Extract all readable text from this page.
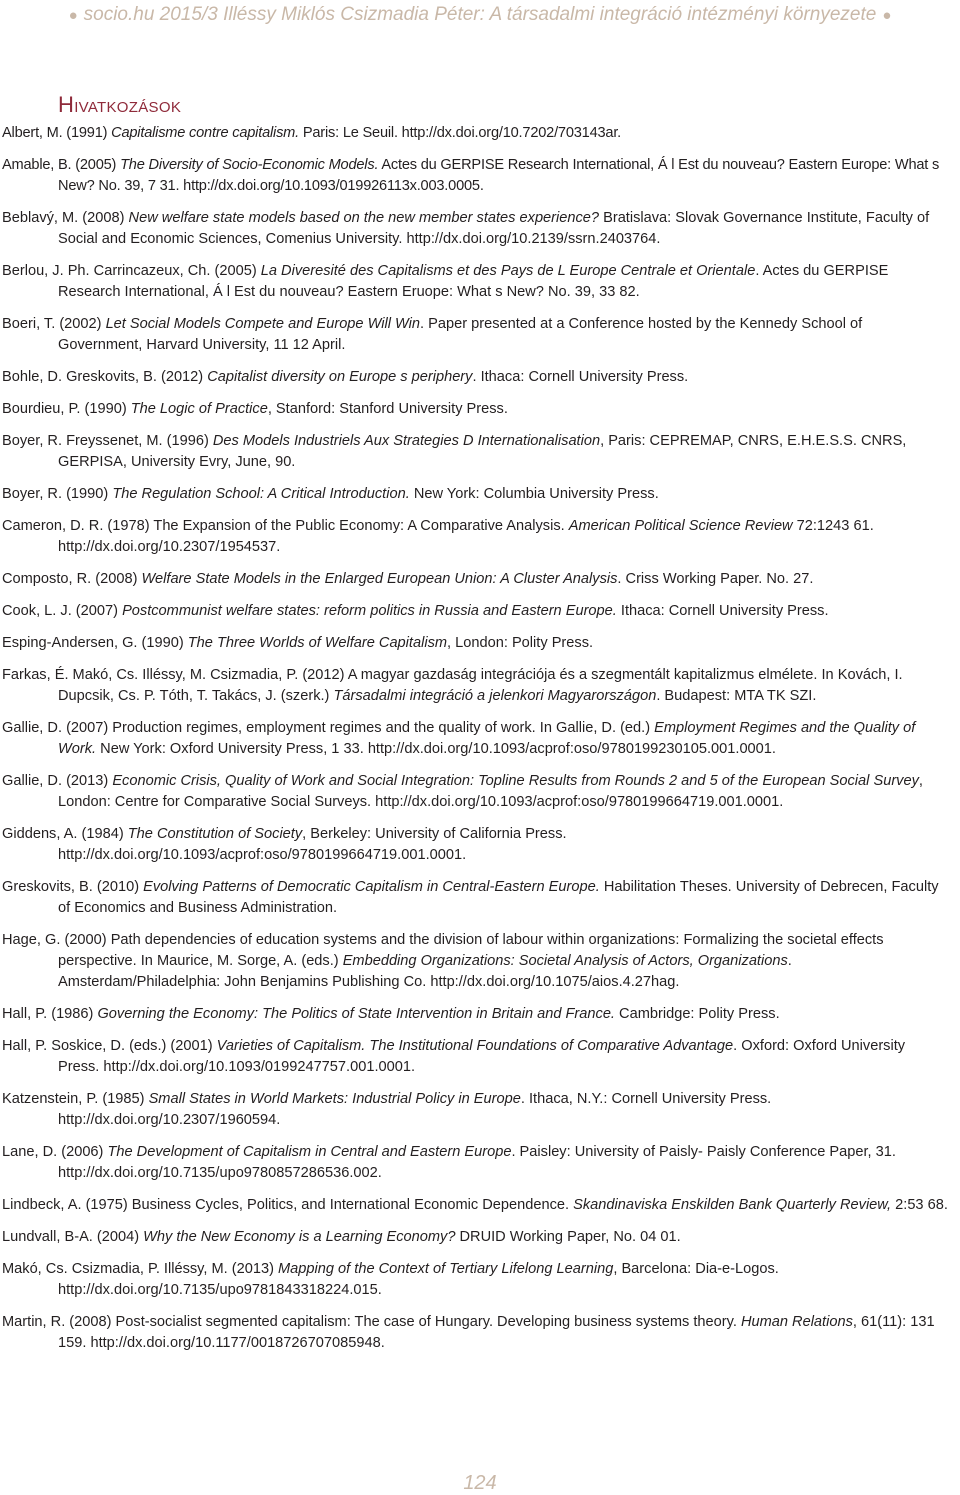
● socio.hu 2015/3 Illéssy Miklós Csizmadia Péter: A társadalmi integráció intézményi környezete ●
Hivatkozások
Albert, M. (1991) Capitalisme contre capitalism. Paris: Le Seuil. http://dx.doi.org/10.7202/703143ar.
Amable, B. (2005) The Diversity of Socio-Economic Models. Actes du GERPISE Research International, Á l Est du nouveau? Eastern Europe: What s New? No. 39, 7 31. http://dx.doi.org/10.1093/019926113x.003.0005.
Beblavý, M. (2008) New welfare state models based on the new member states experience? Bratislava: Slovak Governance Institute, Faculty of Social and Economic Sciences, Comenius University. http://dx.doi.org/10.2139/ssrn.2403764.
Berlou, J. Ph. Carrincazeux, Ch. (2005) La Diveresité des Capitalisms et des Pays de L Europe Centrale et Orientale. Actes du GERPISE Research International, Á l Est du nouveau? Eastern Eruope: What s New? No. 39, 33 82.
Boeri, T. (2002) Let Social Models Compete and Europe Will Win. Paper presented at a Conference hosted by the Kennedy School of Government, Harvard University, 11 12 April.
Bohle, D. Greskovits, B. (2012) Capitalist diversity on Europe s periphery. Ithaca: Cornell University Press.
Bourdieu, P. (1990) The Logic of Practice, Stanford: Stanford University Press.
Boyer, R. Freyssenet, M. (1996) Des Models Industriels Aux Strategies D Internationalisation, Paris: CEPREMAP, CNRS, E.H.E.S.S. CNRS, GERPISA, University Evry, June, 90.
Boyer, R. (1990) The Regulation School: A Critical Introduction. New York: Columbia University Press.
Cameron, D. R. (1978) The Expansion of the Public Economy: A Comparative Analysis. American Political Science Review 72:1243 61. http://dx.doi.org/10.2307/1954537.
Composto, R. (2008) Welfare State Models in the Enlarged European Union: A Cluster Analysis. Criss Working Paper. No. 27.
Cook, L. J. (2007) Postcommunist welfare states: reform politics in Russia and Eastern Europe. Ithaca: Cornell University Press.
Esping-Andersen, G. (1990) The Three Worlds of Welfare Capitalism, London: Polity Press.
Farkas, É. Makó, Cs. Illéssy, M. Csizmadia, P. (2012) A magyar gazdaság integrációja és a szegmentált kapitalizmus elmélete. In Kovách, I. Dupcsik, Cs. P. Tóth, T. Takács, J. (szerk.) Társadalmi integráció a jelenkori Magyarországon. Budapest: MTA TK SZI.
Gallie, D. (2007) Production regimes, employment regimes and the quality of work. In Gallie, D. (ed.) Employment Regimes and the Quality of Work. New York: Oxford University Press, 1 33. http://dx.doi.org/10.1093/acprof:oso/9780199230105.001.0001.
Gallie, D. (2013) Economic Crisis, Quality of Work and Social Integration: Topline Results from Rounds 2 and 5 of the European Social Survey, London: Centre for Comparative Social Surveys. http://dx.doi.org/10.1093/acprof:oso/9780199664719.001.0001.
Giddens, A. (1984) The Constitution of Society, Berkeley: University of California Press. http://dx.doi.org/10.1093/acprof:oso/9780199664719.001.0001.
Greskovits, B. (2010) Evolving Patterns of Democratic Capitalism in Central-Eastern Europe. Habilitation Theses. University of Debrecen, Faculty of Economics and Business Administration.
Hage, G. (2000) Path dependencies of education systems and the division of labour within organizations: Formalizing the societal effects perspective. In Maurice, M. Sorge, A. (eds.) Embedding Organizations: Societal Analysis of Actors, Organizations. Amsterdam/Philadelphia: John Benjamins Publishing Co. http://dx.doi.org/10.1075/aios.4.27hag.
Hall, P. (1986) Governing the Economy: The Politics of State Intervention in Britain and France. Cambridge: Polity Press.
Hall, P. Soskice, D. (eds.) (2001) Varieties of Capitalism. The Institutional Foundations of Comparative Advantage. Oxford: Oxford University Press. http://dx.doi.org/10.1093/0199247757.001.0001.
Katzenstein, P. (1985) Small States in World Markets: Industrial Policy in Europe. Ithaca, N.Y.: Cornell University Press. http://dx.doi.org/10.2307/1960594.
Lane, D. (2006) The Development of Capitalism in Central and Eastern Europe. Paisley: University of Paisly- Paisly Conference Paper, 31. http://dx.doi.org/10.7135/upo9780857286536.002.
Lindbeck, A. (1975) Business Cycles, Politics, and International Economic Dependence. Skandinaviska Enskilden Bank Quarterly Review, 2:53 68.
Lundvall, B-A. (2004) Why the New Economy is a Learning Economy? DRUID Working Paper, No. 04 01.
Makó, Cs. Csizmadia, P. Illéssy, M. (2013) Mapping of the Context of Tertiary Lifelong Learning, Barcelona: Dia-e-Logos. http://dx.doi.org/10.7135/upo9781843318224.015.
Martin, R. (2008) Post-socialist segmented capitalism: The case of Hungary. Developing business systems theory. Human Relations, 61(11): 131 159. http://dx.doi.org/10.1177/0018726707085948.
124
